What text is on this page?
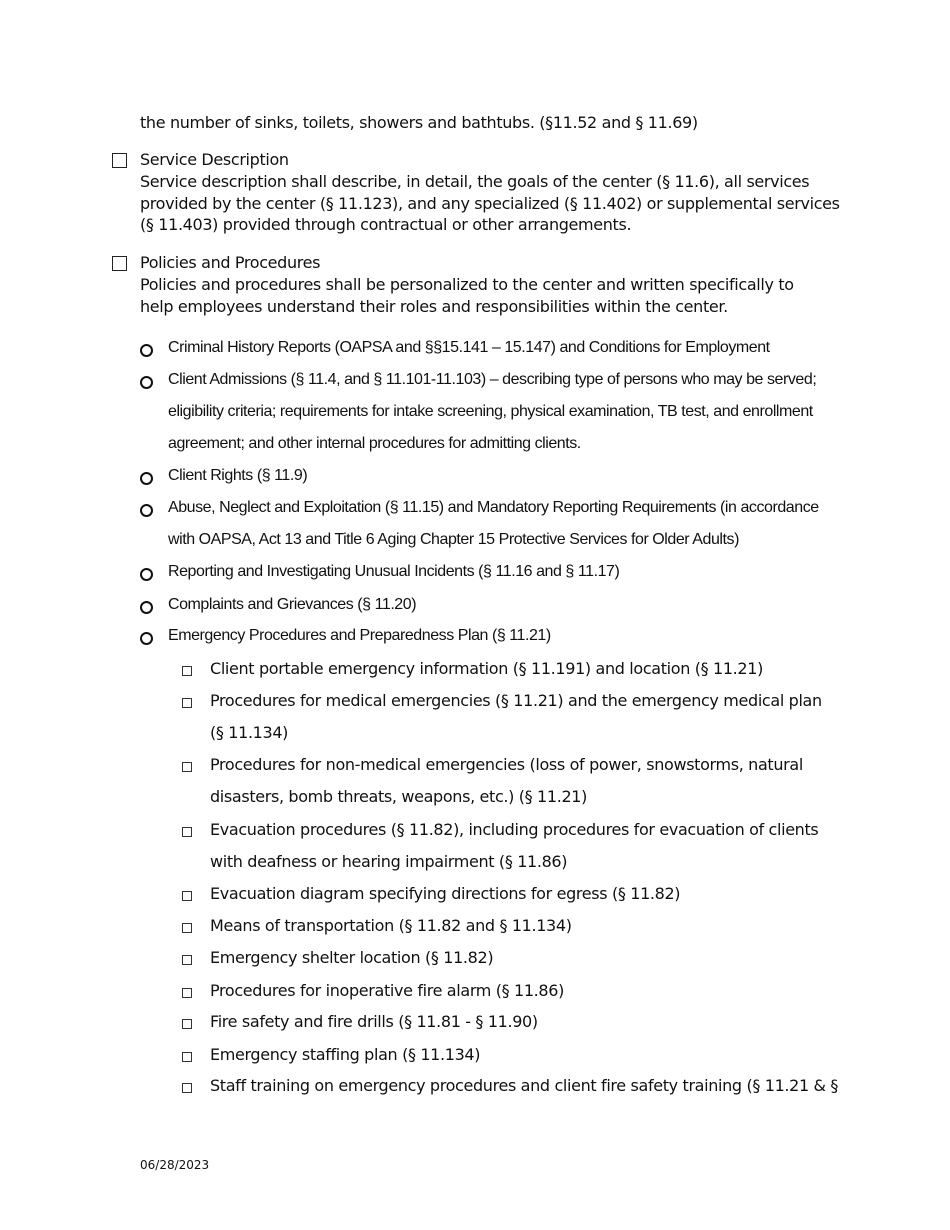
the number of sinks, toilets, showers and bathtubs. (§11.52 and § 11.69)
Service Description
Service description shall describe, in detail, the goals of the center (§ 11.6), all services provided by the center (§ 11.123), and any specialized (§ 11.402) or supplemental services (§ 11.403) provided through contractual or other arrangements.
Policies and Procedures
Policies and procedures shall be personalized to the center and written specifically to help employees understand their roles and responsibilities within the center.
Criminal History Reports (OAPSA and §§15.141 – 15.147) and Conditions for Employment
Client Admissions (§ 11.4, and § 11.101-11.103) – describing type of persons who may be served; eligibility criteria; requirements for intake screening, physical examination, TB test, and enrollment agreement; and other internal procedures for admitting clients.
Client Rights (§ 11.9)
Abuse, Neglect and Exploitation (§ 11.15) and Mandatory Reporting Requirements (in accordance with OAPSA, Act 13 and Title 6 Aging Chapter 15 Protective Services for Older Adults)
Reporting and Investigating Unusual Incidents (§ 11.16 and § 11.17)
Complaints and Grievances (§ 11.20)
Emergency Procedures and Preparedness Plan (§ 11.21)
Client portable emergency information (§ 11.191) and location (§ 11.21)
Procedures for medical emergencies (§ 11.21) and the emergency medical plan (§ 11.134)
Procedures for non-medical emergencies (loss of power, snowstorms, natural disasters, bomb threats, weapons, etc.) (§ 11.21)
Evacuation procedures (§ 11.82), including procedures for evacuation of clients with deafness or hearing impairment (§ 11.86)
Evacuation diagram specifying directions for egress (§ 11.82)
Means of transportation (§ 11.82 and § 11.134)
Emergency shelter location (§ 11.82)
Procedures for inoperative fire alarm (§ 11.86)
Fire safety and fire drills (§ 11.81 - § 11.90)
Emergency staffing plan (§ 11.134)
Staff training on emergency procedures and client fire safety training (§ 11.21 & §
06/28/2023
